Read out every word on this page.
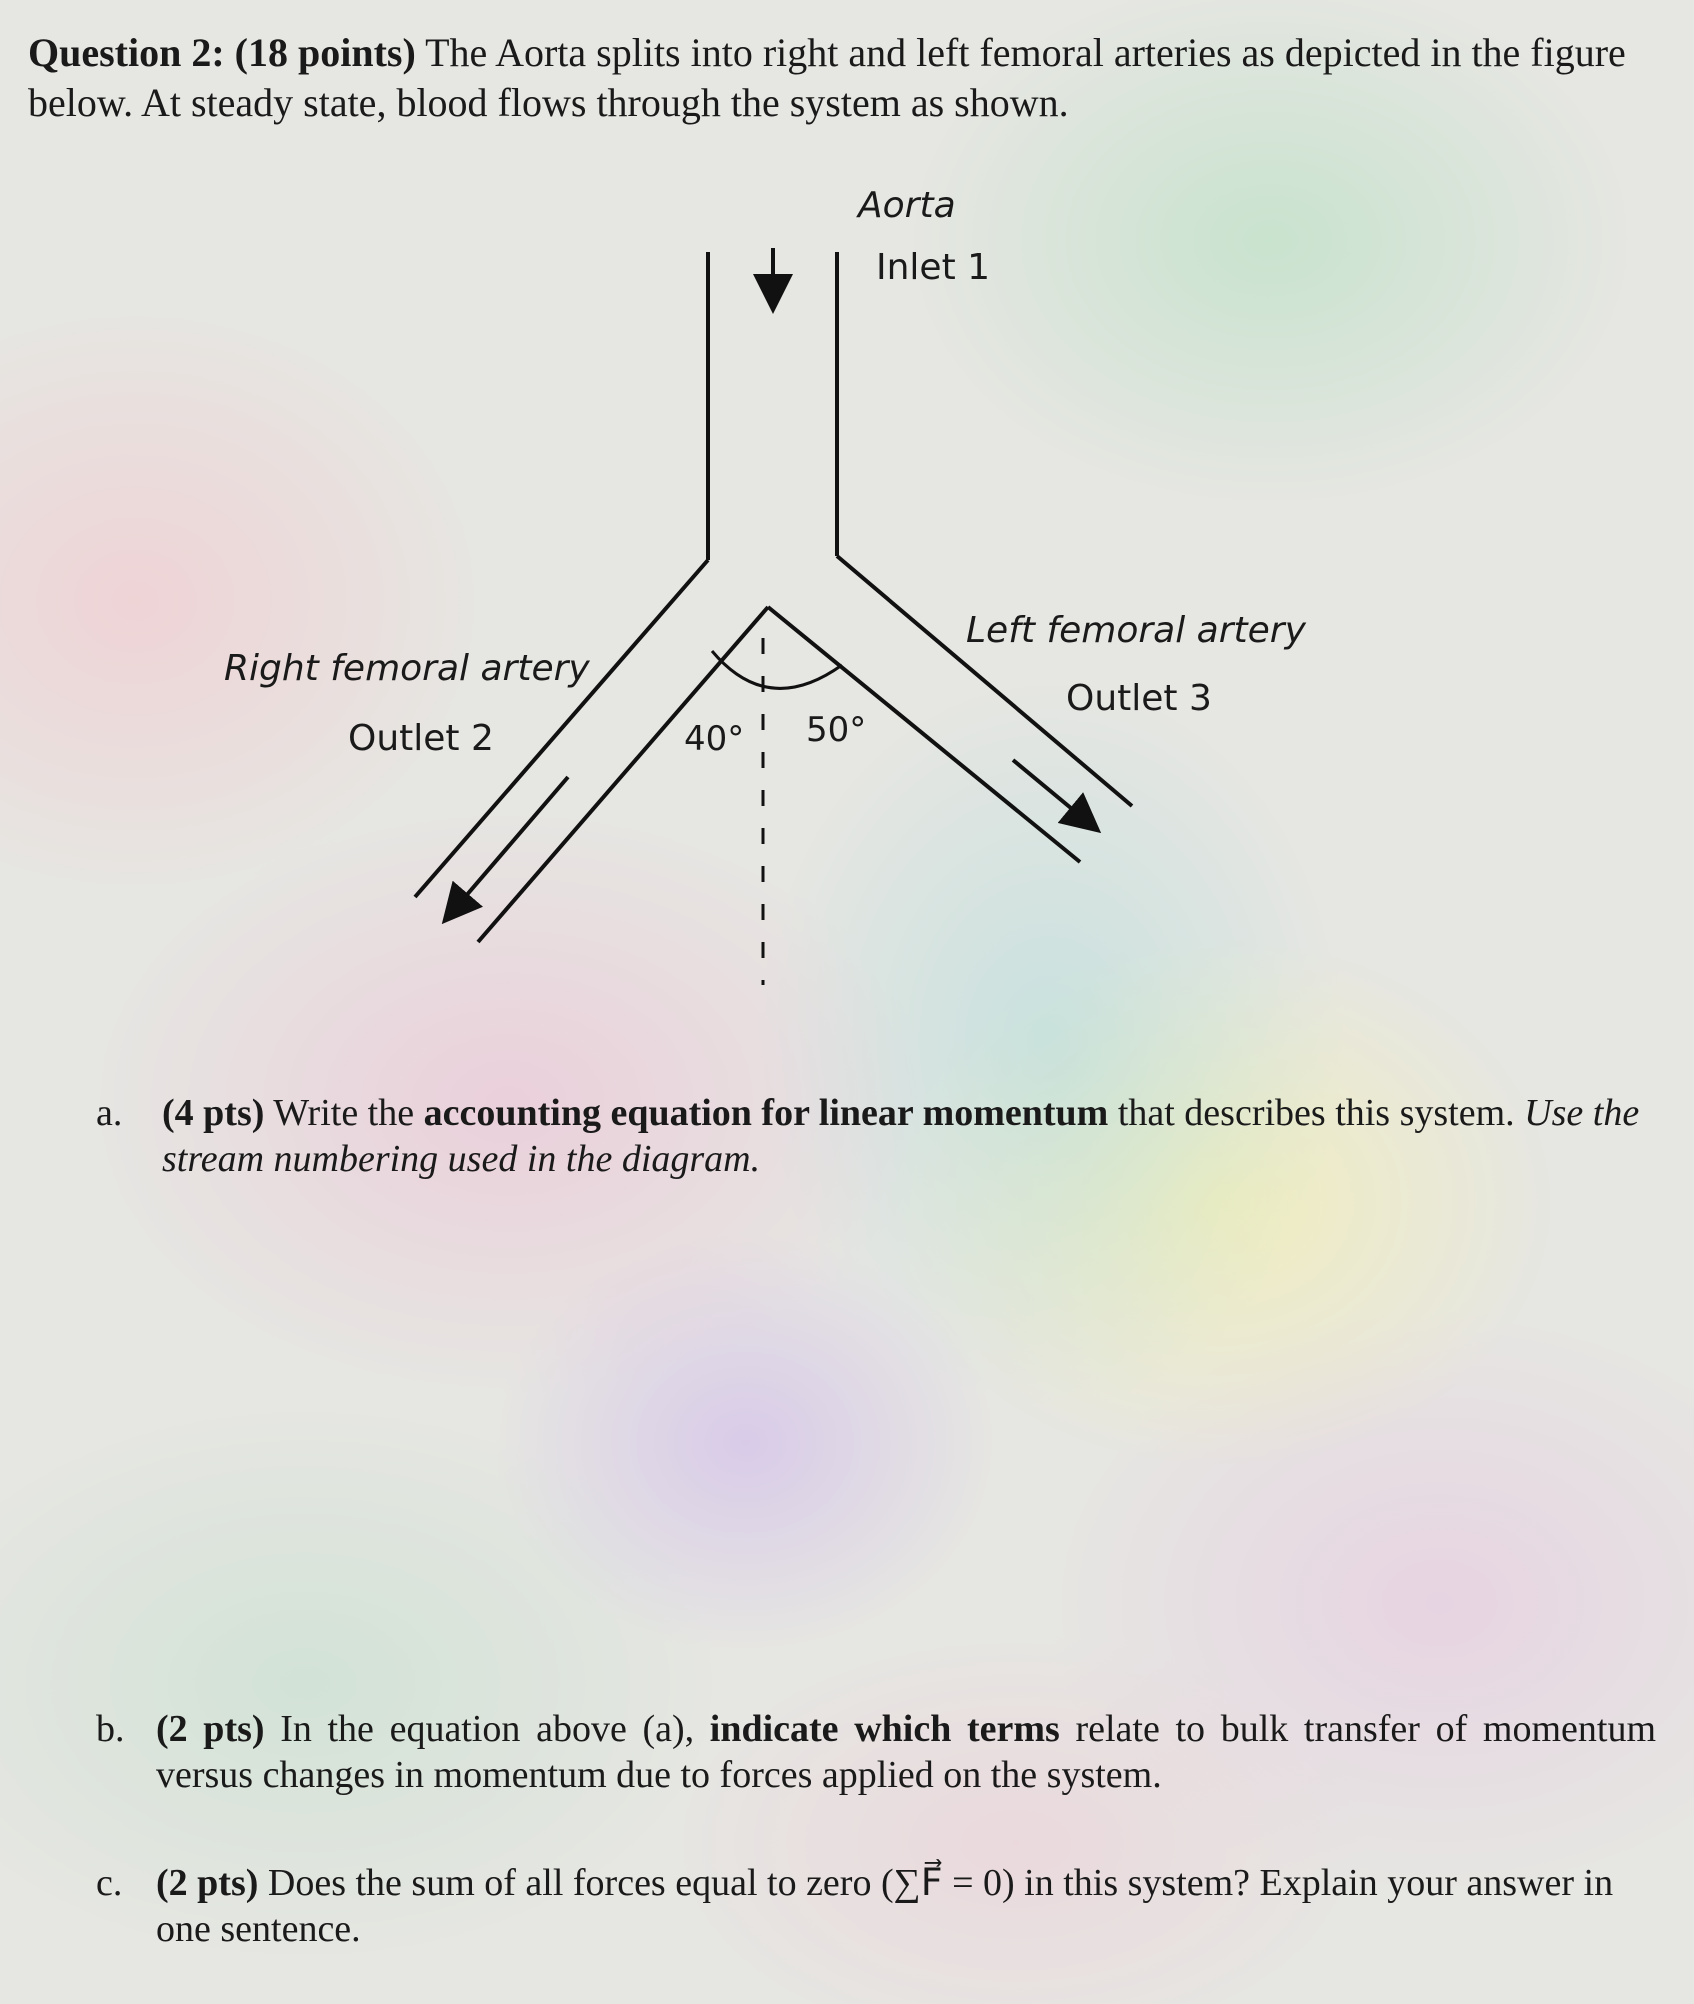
Question 2: (18 points) The Aorta splits into right and left femoral arteries as depicted in the figure below. At steady state, blood flows through the system as shown.
Aorta
Inlet 1
Right femoral artery
Outlet 2
Left femoral artery
Outlet 3
40° 50°
a. (4 pts) Write the accounting equation for linear momentum that describes this system. Use the stream numbering used in the diagram.
b. (2 pts) In the equation above (a), indicate which terms relate to bulk transfer of momentum versus changes in momentum due to forces applied on the system.
c. (2 pts) Does the sum of all forces equal to zero (∑F⃗ = 0) in this system? Explain your answer in one sentence.
